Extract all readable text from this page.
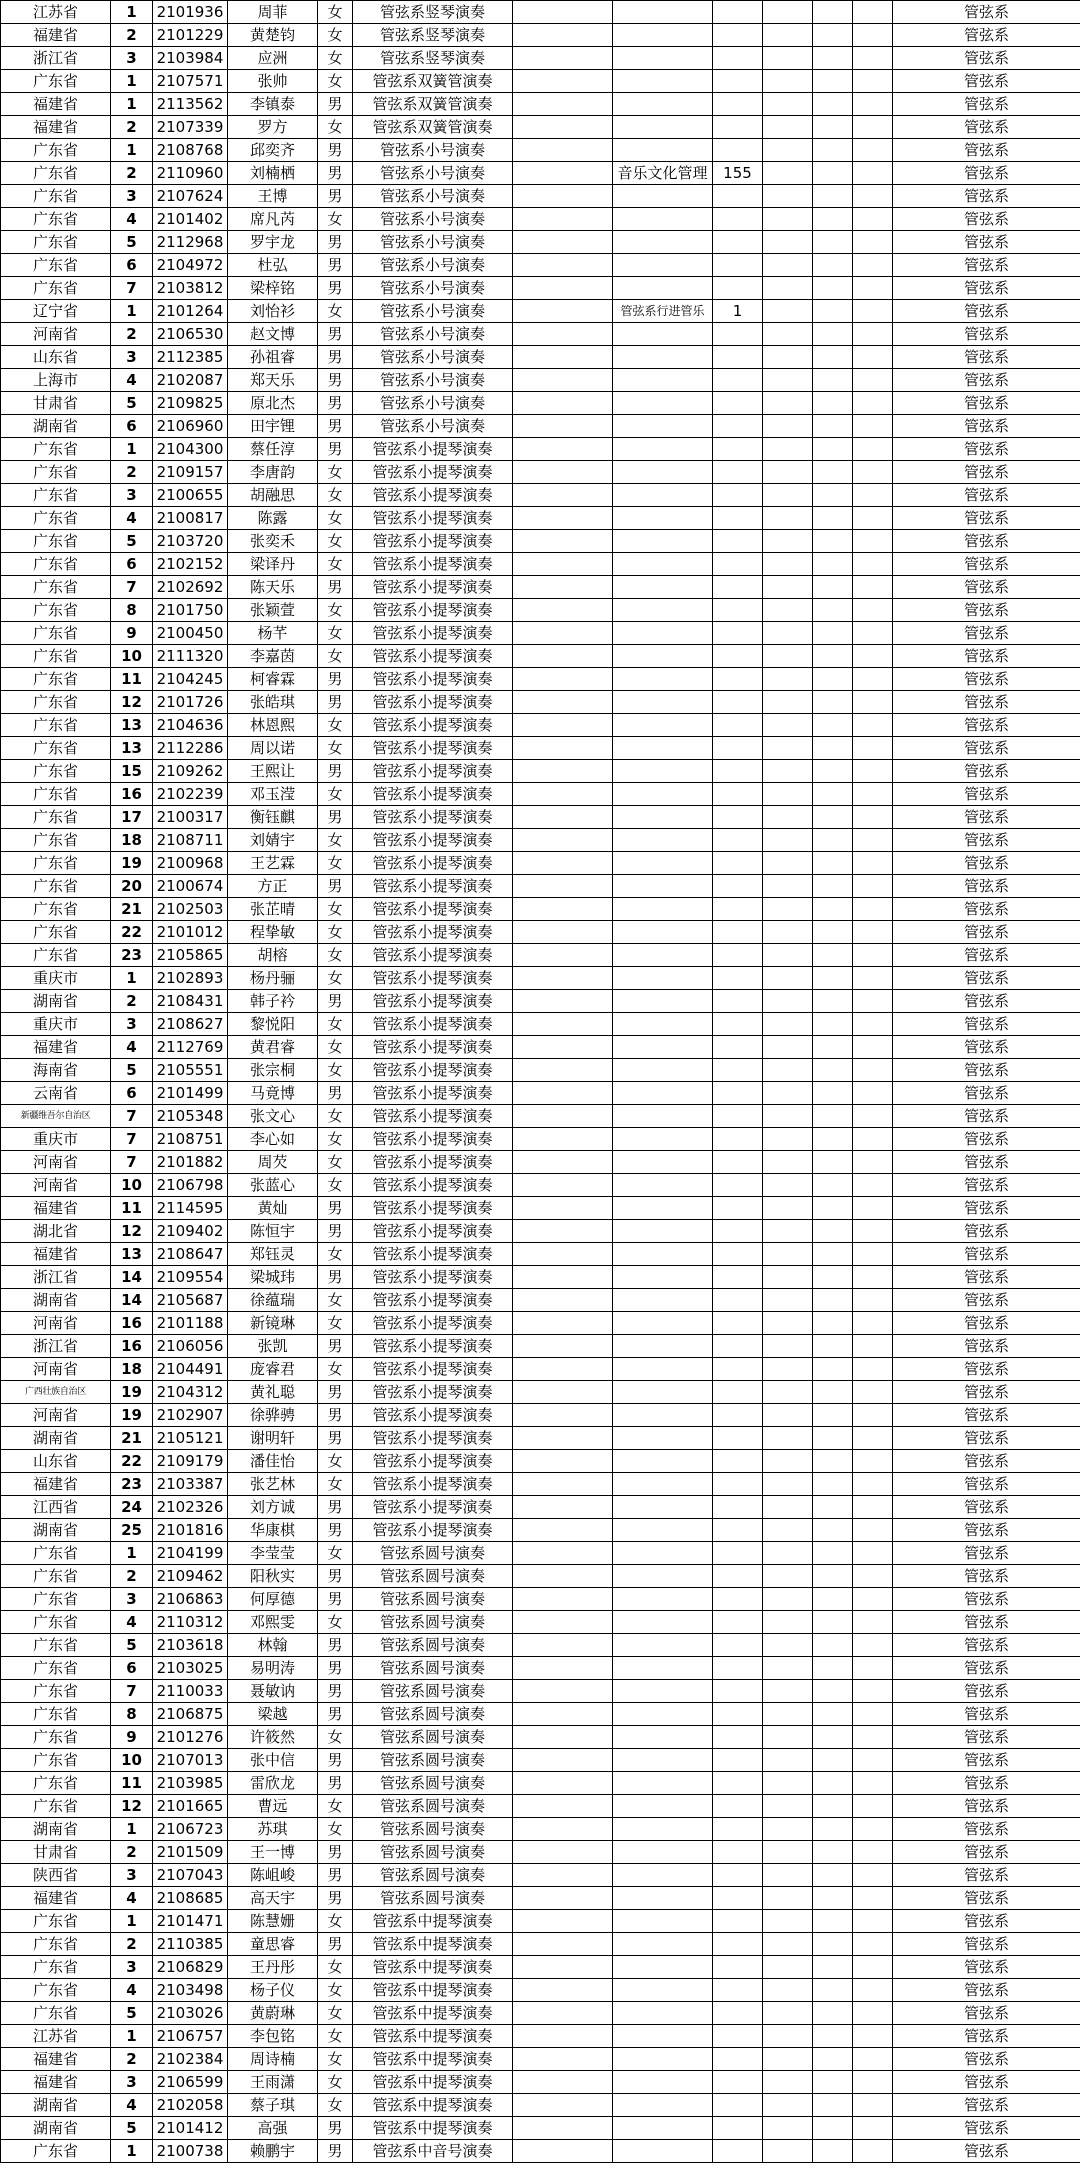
江苏省	1	2101936	周菲	女	管弦系竖琴演奏							管弦系
福建省	2	2101229	黄楚钧	女	管弦系竖琴演奏							管弦系
浙江省	3	2103984	应洲	女	管弦系竖琴演奏							管弦系
广东省	1	2107571	张帅	女	管弦系双簧管演奏							管弦系
福建省	1	2113562	李镇泰	男	管弦系双簧管演奏							管弦系
福建省	2	2107339	罗方	女	管弦系双簧管演奏							管弦系
广东省	1	2108768	邱奕齐	男	管弦系小号演奏							管弦系
广东省	2	2110960	刘楠栖	男	管弦系小号演奏		音乐文化管理	155				管弦系
广东省	3	2107624	王博	男	管弦系小号演奏							管弦系
广东省	4	2101402	席凡芮	女	管弦系小号演奏							管弦系
广东省	5	2112968	罗宇龙	男	管弦系小号演奏							管弦系
广东省	6	2104972	杜弘	男	管弦系小号演奏							管弦系
广东省	7	2103812	梁梓铭	男	管弦系小号演奏							管弦系
辽宁省	1	2101264	刘怡衫	女	管弦系小号演奏		管弦系行进管乐	1				管弦系
河南省	2	2106530	赵文博	男	管弦系小号演奏							管弦系
山东省	3	2112385	孙祖睿	男	管弦系小号演奏							管弦系
上海市	4	2102087	郑天乐	男	管弦系小号演奏							管弦系
甘肃省	5	2109825	原北杰	男	管弦系小号演奏							管弦系
湖南省	6	2106960	田宇锂	男	管弦系小号演奏							管弦系
广东省	1	2104300	蔡任淳	男	管弦系小提琴演奏							管弦系
广东省	2	2109157	李唐韵	女	管弦系小提琴演奏							管弦系
广东省	3	2100655	胡融思	女	管弦系小提琴演奏							管弦系
广东省	4	2100817	陈露	女	管弦系小提琴演奏							管弦系
广东省	5	2103720	张奕禾	女	管弦系小提琴演奏							管弦系
广东省	6	2102152	梁译丹	女	管弦系小提琴演奏							管弦系
广东省	7	2102692	陈天乐	男	管弦系小提琴演奏							管弦系
广东省	8	2101750	张颖萱	女	管弦系小提琴演奏							管弦系
广东省	9	2100450	杨芊	女	管弦系小提琴演奏							管弦系
广东省	10	2111320	李嘉茵	女	管弦系小提琴演奏							管弦系
广东省	11	2104245	柯睿霖	男	管弦系小提琴演奏							管弦系
广东省	12	2101726	张皓琪	男	管弦系小提琴演奏							管弦系
广东省	13	2104636	林恩熙	女	管弦系小提琴演奏							管弦系
广东省	13	2112286	周以诺	女	管弦系小提琴演奏							管弦系
广东省	15	2109262	王熙让	男	管弦系小提琴演奏							管弦系
广东省	16	2102239	邓玉滢	女	管弦系小提琴演奏							管弦系
广东省	17	2100317	衡钰麒	男	管弦系小提琴演奏							管弦系
广东省	18	2108711	刘婧宇	女	管弦系小提琴演奏							管弦系
广东省	19	2100968	王艺霖	女	管弦系小提琴演奏							管弦系
广东省	20	2100674	方正	男	管弦系小提琴演奏							管弦系
广东省	21	2102503	张芷晴	女	管弦系小提琴演奏							管弦系
广东省	22	2101012	程挚敏	女	管弦系小提琴演奏							管弦系
广东省	23	2105865	胡榕	女	管弦系小提琴演奏							管弦系
重庆市	1	2102893	杨丹骊	女	管弦系小提琴演奏							管弦系
湖南省	2	2108431	韩子衿	男	管弦系小提琴演奏							管弦系
重庆市	3	2108627	黎悦阳	女	管弦系小提琴演奏							管弦系
福建省	4	2112769	黄君睿	女	管弦系小提琴演奏							管弦系
海南省	5	2105551	张宗桐	女	管弦系小提琴演奏							管弦系
云南省	6	2101499	马竟博	男	管弦系小提琴演奏							管弦系
新疆维吾尔自治区	7	2105348	张文心	女	管弦系小提琴演奏							管弦系
重庆市	7	2108751	李心如	女	管弦系小提琴演奏							管弦系
河南省	7	2101882	周芡	女	管弦系小提琴演奏							管弦系
河南省	10	2106798	张蓝心	女	管弦系小提琴演奏							管弦系
福建省	11	2114595	黄灿	男	管弦系小提琴演奏							管弦系
湖北省	12	2109402	陈恒宇	男	管弦系小提琴演奏							管弦系
福建省	13	2108647	郑钰灵	女	管弦系小提琴演奏							管弦系
浙江省	14	2109554	梁城玮	男	管弦系小提琴演奏							管弦系
湖南省	14	2105687	徐蕴瑞	女	管弦系小提琴演奏							管弦系
河南省	16	2101188	新镜琳	女	管弦系小提琴演奏							管弦系
浙江省	16	2106056	张凯	男	管弦系小提琴演奏							管弦系
河南省	18	2104491	庞睿君	女	管弦系小提琴演奏							管弦系
广西壮族自治区	19	2104312	黄礼聪	男	管弦系小提琴演奏							管弦系
河南省	19	2102907	徐骅骋	男	管弦系小提琴演奏							管弦系
湖南省	21	2105121	谢明轩	男	管弦系小提琴演奏							管弦系
山东省	22	2109179	潘佳怡	女	管弦系小提琴演奏							管弦系
福建省	23	2103387	张艺林	女	管弦系小提琴演奏							管弦系
江西省	24	2102326	刘方诚	男	管弦系小提琴演奏							管弦系
湖南省	25	2101816	华康棋	男	管弦系小提琴演奏							管弦系
广东省	1	2104199	李莹莹	女	管弦系圆号演奏							管弦系
广东省	2	2109462	阳秋实	男	管弦系圆号演奏							管弦系
广东省	3	2106863	何厚德	男	管弦系圆号演奏							管弦系
广东省	4	2110312	邓熙雯	女	管弦系圆号演奏							管弦系
广东省	5	2103618	林翰	男	管弦系圆号演奏							管弦系
广东省	6	2103025	易明涛	男	管弦系圆号演奏							管弦系
广东省	7	2110033	聂敏讷	男	管弦系圆号演奏							管弦系
广东省	8	2106875	梁越	男	管弦系圆号演奏							管弦系
广东省	9	2101276	许筱然	女	管弦系圆号演奏							管弦系
广东省	10	2107013	张中信	男	管弦系圆号演奏							管弦系
广东省	11	2103985	雷欣龙	男	管弦系圆号演奏							管弦系
广东省	12	2101665	曹远	女	管弦系圆号演奏							管弦系
湖南省	1	2106723	苏琪	女	管弦系圆号演奏							管弦系
甘肃省	2	2101509	王一博	男	管弦系圆号演奏							管弦系
陕西省	3	2107043	陈岨峻	男	管弦系圆号演奏							管弦系
福建省	4	2108685	高天宇	男	管弦系圆号演奏							管弦系
广东省	1	2101471	陈慧姗	女	管弦系中提琴演奏							管弦系
广东省	2	2110385	童思睿	男	管弦系中提琴演奏							管弦系
广东省	3	2106829	王丹彤	女	管弦系中提琴演奏							管弦系
广东省	4	2103498	杨子仪	女	管弦系中提琴演奏							管弦系
广东省	5	2103026	黄蔚琳	女	管弦系中提琴演奏							管弦系
江苏省	1	2106757	李包铭	女	管弦系中提琴演奏							管弦系
福建省	2	2102384	周诗楠	女	管弦系中提琴演奏							管弦系
福建省	3	2106599	王雨潇	女	管弦系中提琴演奏							管弦系
湖南省	4	2102058	蔡子琪	女	管弦系中提琴演奏							管弦系
湖南省	5	2101412	高强	男	管弦系中提琴演奏							管弦系
广东省	1	2100738	赖鹏宇	男	管弦系中音号演奏							管弦系
